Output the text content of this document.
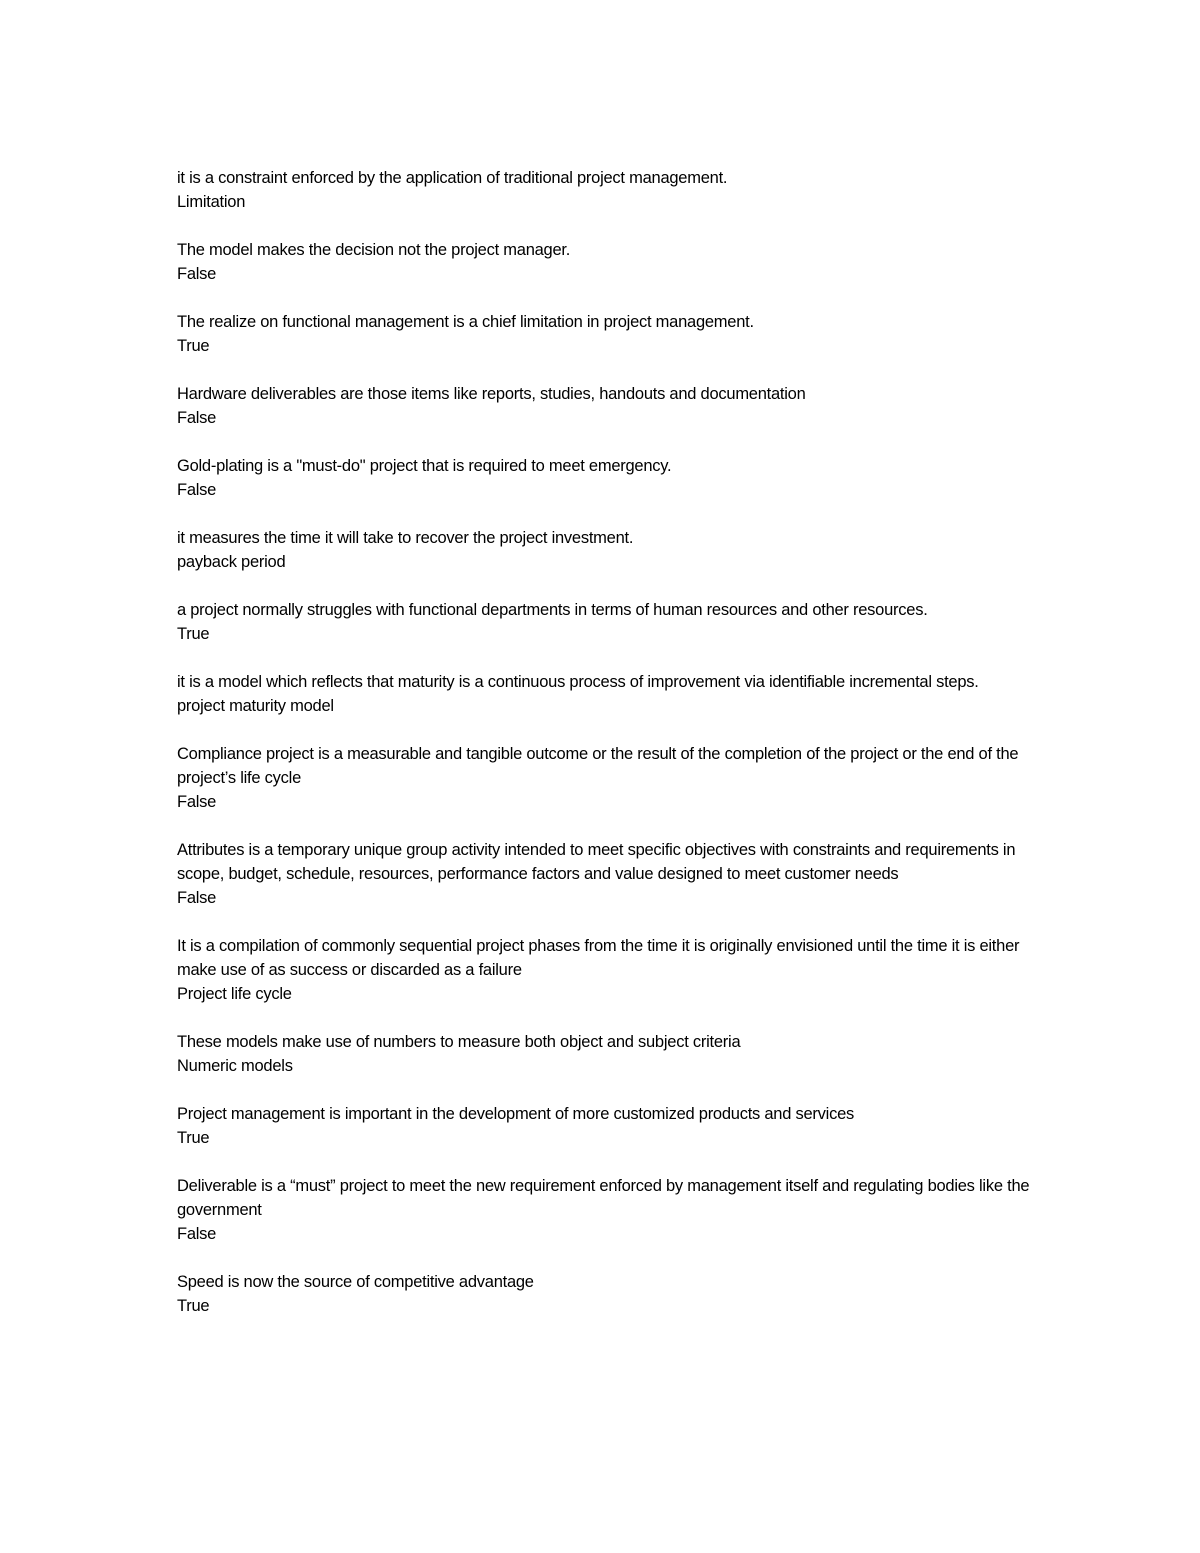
it is a constraint enforced by the application of traditional project management.
Limitation
The model makes the decision not the project manager.
False
The realize on functional management is a chief limitation in project management.
True
Hardware deliverables are those items like reports, studies, handouts and documentation
False
Gold-plating is a "must-do" project that is required to meet emergency.
False
it measures the time it will take to recover the project investment.
payback period
a project normally struggles with functional departments in terms of human resources and other resources.
True
it is a model which reflects that maturity is a continuous process of improvement via identifiable incremental steps.
project maturity model
Compliance project is a measurable and tangible outcome or the result of the completion of the project or the end of the project’s life cycle
False
Attributes is a temporary unique group activity intended to meet specific objectives with constraints and requirements in scope, budget, schedule, resources, performance factors and value designed to meet customer needs
False
It is a compilation of commonly sequential project phases from the time it is originally envisioned until the time it is either make use of as success or discarded as a failure
Project life cycle
These models make use of numbers to measure both object and subject criteria
Numeric models
Project management is important in the development of more customized products and services
True
Deliverable is a “must” project to meet the new requirement enforced by management itself and regulating bodies like the government
False
Speed is now the source of competitive advantage
True
